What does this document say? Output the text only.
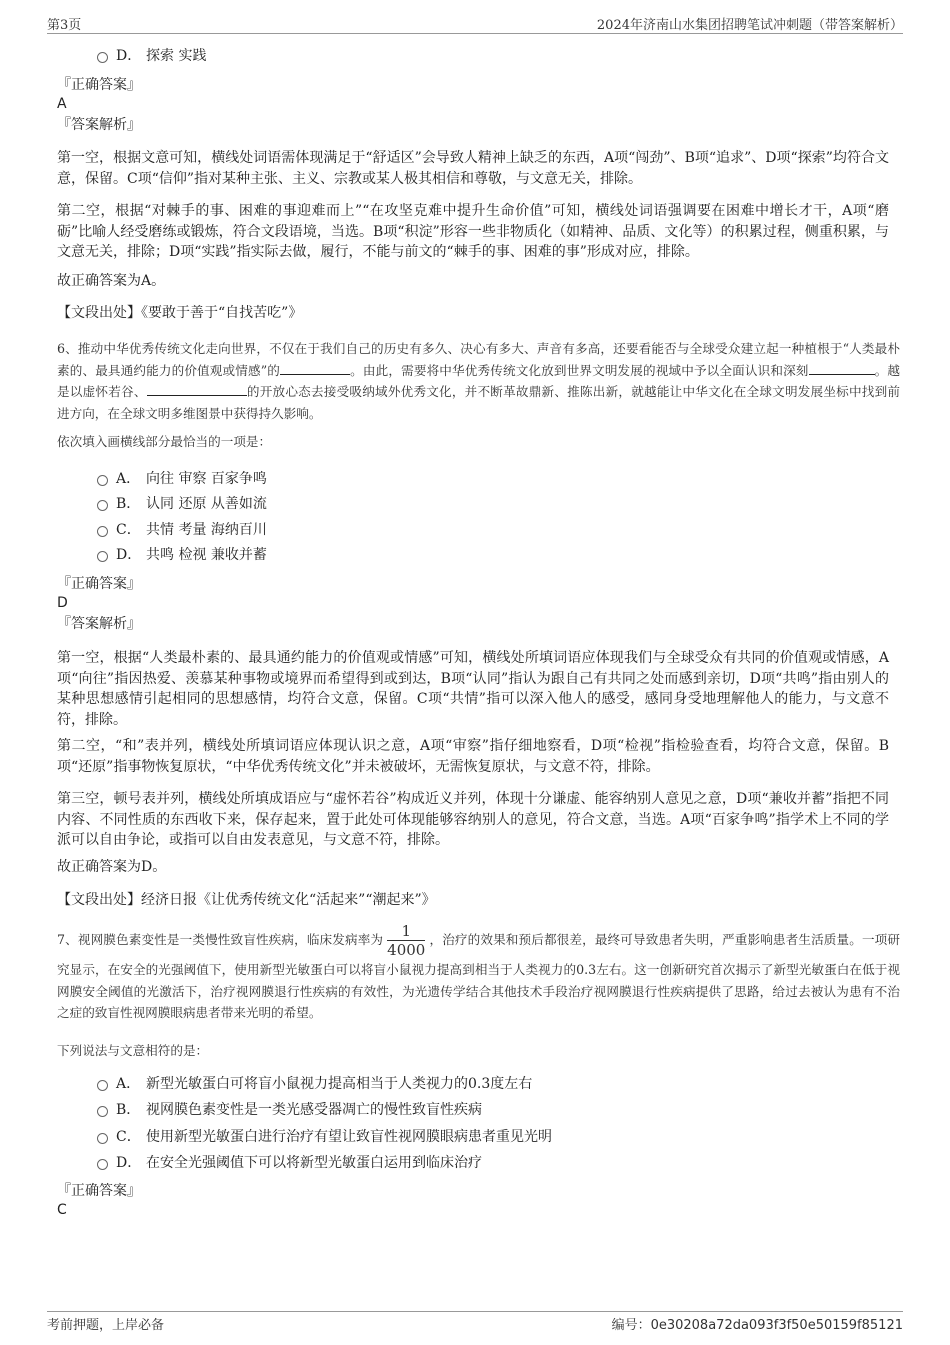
第3页	2024年济南山水集团招聘笔试冲刺题（带答案解析）
D． 探索 实践
『正确答案』
A
『答案解析』
第一空，根据文意可知，横线处词语需体现满足于“舒适区”会导致人精神上缺乏的东西，A项“闯劲”、B项“追求”、D项“探索”均符合文意，保留。C项“信仰”指对某种主张、主义、宗教或某人极其相信和尊敬，与文意无关，排除。
第二空，根据“对棘手的事、困难的事迎难而上”“在攻坚克难中提升生命价值”可知，横线处词语强调要在困难中增长才干，A项“磨砺”比喻人经受磨练或锻炼，符合文段语境，当选。B项“积淀”形容一些非物质化（如精神、品质、文化等）的积累过程，侧重积累，与文意无关，排除；D项“实践”指实际去做，履行，不能与前文的“棘手的事、困难的事”形成对应，排除。
故正确答案为A。
【文段出处】《要敢于善于“自找苦吃”》
6、推动中华优秀传统文化走向世界，不仅在于我们自己的历史有多久、决心有多大、声音有多高，还要看能否与全球受众建立起一种植根于“人类最朴素的、最具通约能力的价值观或情感”的	。由此，需要将中华优秀传统文化放到世界文明发展的视域中予以全面认识和深刻	。越是以虚怀若谷、	的开放心态去接受吸纳域外优秀文化，并不断革故鼎新、推陈出新，就越能让中华文化在全球文明发展坐标中找到前进方向，在全球文明多维图景中获得持久影响。
依次填入画横线部分最恰当的一项是：
A． 向往 审察 百家争鸣
B． 认同 还原 从善如流
C． 共情 考量 海纳百川
D． 共鸣 检视 兼收并蓄
『正确答案』
D
『答案解析』
第一空，根据“人类最朴素的、最具通约能力的价值观或情感”可知，横线处所填词语应体现我们与全球受众有共同的价值观或情感，A项“向往”指因热爱、羡慕某种事物或境界而希望得到或到达，B项“认同”指认为跟自己有共同之处而感到亲切，D项“共鸣”指由别人的某种思想感情引起相同的思想感情，均符合文意，保留。C项“共情”指可以深入他人的感受，感同身受地理解他人的能力，与文意不符，排除。
第二空，“和”表并列，横线处所填词语应体现认识之意，A项“审察”指仔细地察看，D项“检视”指检验查看，均符合文意，保留。B项“还原”指事物恢复原状，“中华优秀传统文化”并未被破坏，无需恢复原状，与文意不符，排除。
第三空，顿号表并列，横线处所填成语应与“虚怀若谷”构成近义并列，体现十分谦虚、能容纳别人意见之意，D项“兼收并蓄”指把不同内容、不同性质的东西收下来，保存起来，置于此处可体现能够容纳别人的意见，符合文意，当选。A项“百家争鸣”指学术上不同的学派可以自由争论，或指可以自由发表意见，与文意不符，排除。
故正确答案为D。
【文段出处】经济日报《让优秀传统文化“活起来”“潮起来”》
7、视网膜色素变性是一类慢性致盲性疾病，临床发病率为 $\frac{1}{4000}$ ，治疗的效果和预后都很差，最终可导致患者失明，严重影响患者生活质量。一项研究显示，在安全的光强阈值下，使用新型光敏蛋白可以将盲小鼠视力提高到相当于人类视力的0.3左右。这一创新研究首次揭示了新型光敏蛋白在低于视网膜安全阈值的光激活下，治疗视网膜退行性疾病的有效性，为光遗传学结合其他技术手段治疗视网膜退行性疾病提供了思路，给过去被认为患有不治之症的致盲性视网膜眼病患者带来光明的希望。
下列说法与文意相符的是：
A． 新型光敏蛋白可将盲小鼠视力提高相当于人类视力的0.3度左右
B． 视网膜色素变性是一类光感受器凋亡的慢性致盲性疾病
C． 使用新型光敏蛋白进行治疗有望让致盲性视网膜眼病患者重见光明
D． 在安全光强阈值下可以将新型光敏蛋白运用到临床治疗
『正确答案』
C
考前押题，上岸必备	编号：0e30208a72da093f3f50e50159f85121
